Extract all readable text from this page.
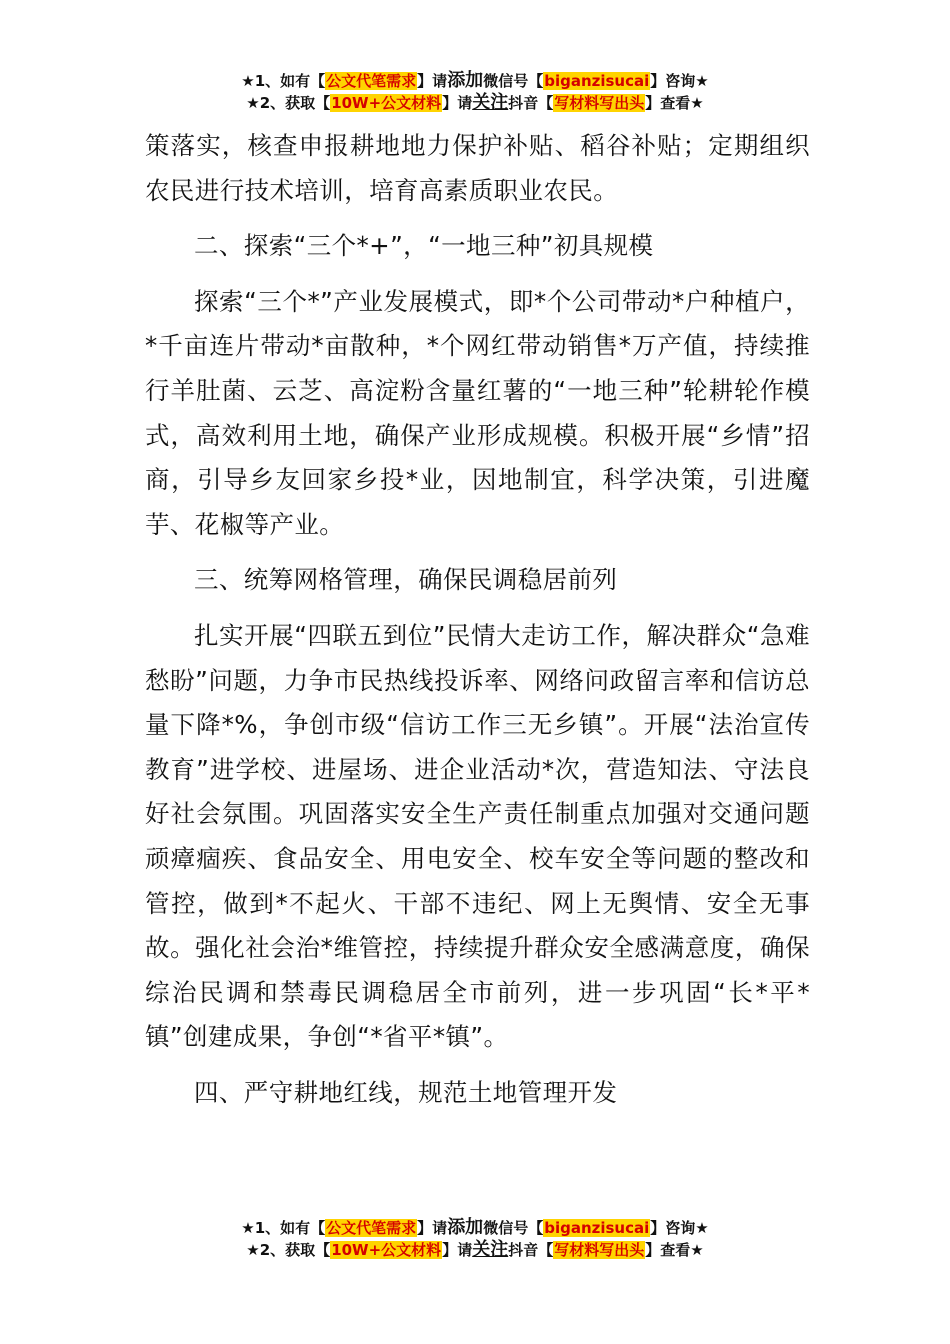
★1、如有【公文代笔需求】请添加微信号【biganzisucai】咨询★
★2、获取【10W+公文材料】请关注抖音【写材料写出头】查看★

策落实，核查申报耕地地力保护补贴、稻谷补贴；定期组织农民进行技术培训，培育高素质职业农民。

二、探索“三个*+”，“一地三种”初具规模

探索“三个*”产业发展模式，即*个公司带动*户种植户，*千亩连片带动*亩散种，*个网红带动销售*万产值，持续推行羊肚菌、云芝、高淀粉含量红薯的“一地三种”轮耕轮作模式，高效利用土地，确保产业形成规模。积极开展“乡情”招商，引导乡友回家乡投*业，因地制宜，科学决策，引进魔芋、花椒等产业。

三、统筹网格管理，确保民调稳居前列

扎实开展“四联五到位”民情大走访工作，解决群众“急难愁盼”问题，力争市民热线投诉率、网络问政留言率和信访总量下降*%，争创市级“信访工作三无乡镇”。开展“法治宣传教育”进学校、进屋场、进企业活动*次，营造知法、守法良好社会氛围。巩固落实安全生产责任制重点加强对交通问题顽瘴痼疾、食品安全、用电安全、校车安全等问题的整改和管控，做到*不起火、干部不违纪、网上无舆情、安全无事故。强化社会治*维管控，持续提升群众安全感满意度，确保综治民调和禁毒民调稳居全市前列，进一步巩固“长*平*镇”创建成果，争创“*省平*镇”。

四、严守耕地红线，规范土地管理开发

★1、如有【公文代笔需求】请添加微信号【biganzisucai】咨询★
★2、获取【10W+公文材料】请关注抖音【写材料写出头】查看★
